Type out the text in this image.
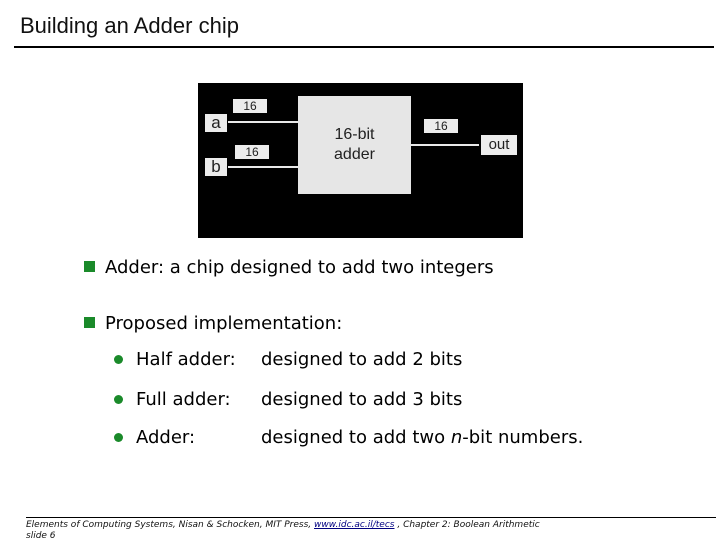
Building an Adder chip
16-bit
adder
16
16
16
a
b
out
Adder: a chip designed to add two integers
Proposed implementation:
Half adder:	designed to add 2 bits
Full adder:	designed to add 3 bits
Adder:	designed to add two n-bit numbers.
Elements of Computing Systems, Nisan & Schocken, MIT Press, www.idc.ac.il/tecs , Chapter 2: Boolean Arithmetic
slide 6
